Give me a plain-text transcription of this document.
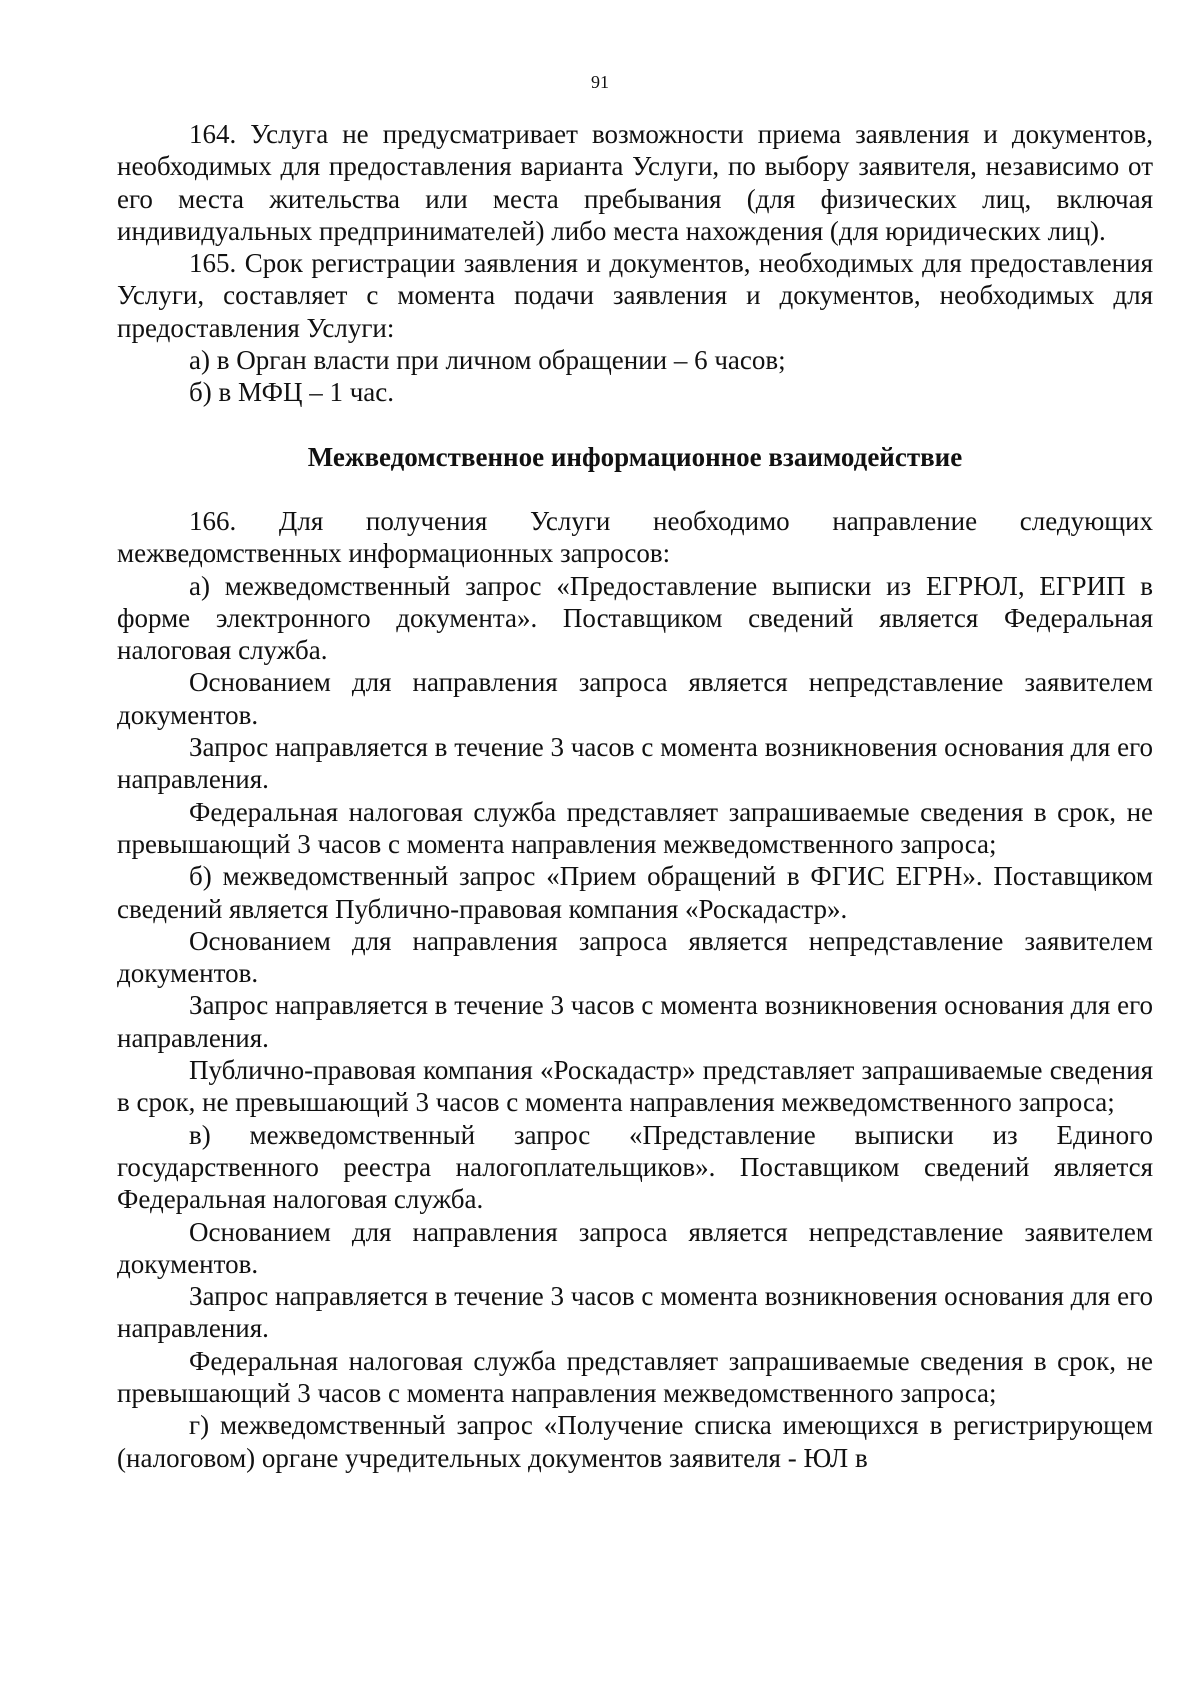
91

164. Услуга не предусматривает возможности приема заявления и документов, необходимых для предоставления варианта Услуги, по выбору заявителя, независимо от его места жительства или места пребывания (для физических лиц, включая индивидуальных предпринимателей) либо места нахождения (для юридических лиц).

165. Срок регистрации заявления и документов, необходимых для предоставления Услуги, составляет с момента подачи заявления и документов, необходимых для предоставления Услуги:

а) в Орган власти при личном обращении – 6 часов;

б) в МФЦ – 1 час.

Межведомственное информационное взаимодействие

166. Для получения Услуги необходимо направление следующих межведомственных информационных запросов:

а) межведомственный запрос «Предоставление выписки из ЕГРЮЛ, ЕГРИП в форме электронного документа». Поставщиком сведений является Федеральная налоговая служба.

Основанием для направления запроса является непредставление заявителем документов.

Запрос направляется в течение 3 часов с момента возникновения основания для его направления.

Федеральная налоговая служба представляет запрашиваемые сведения в срок, не превышающий 3 часов с момента направления межведомственного запроса;

б) межведомственный запрос «Прием обращений в ФГИС ЕГРН». Поставщиком сведений является Публично-правовая компания «Роскадастр».

Основанием для направления запроса является непредставление заявителем документов.

Запрос направляется в течение 3 часов с момента возникновения основания для его направления.

Публично-правовая компания «Роскадастр» представляет запрашиваемые сведения в срок, не превышающий 3 часов с момента направления межведомственного запроса;

в) межведомственный запрос «Представление выписки из Единого государственного реестра налогоплательщиков». Поставщиком сведений является Федеральная налоговая служба.

Основанием для направления запроса является непредставление заявителем документов.

Запрос направляется в течение 3 часов с момента возникновения основания для его направления.

Федеральная налоговая служба представляет запрашиваемые сведения в срок, не превышающий 3 часов с момента направления межведомственного запроса;

г) межведомственный запрос «Получение списка имеющихся в регистрирующем (налоговом) органе учредительных документов заявителя - ЮЛ в
